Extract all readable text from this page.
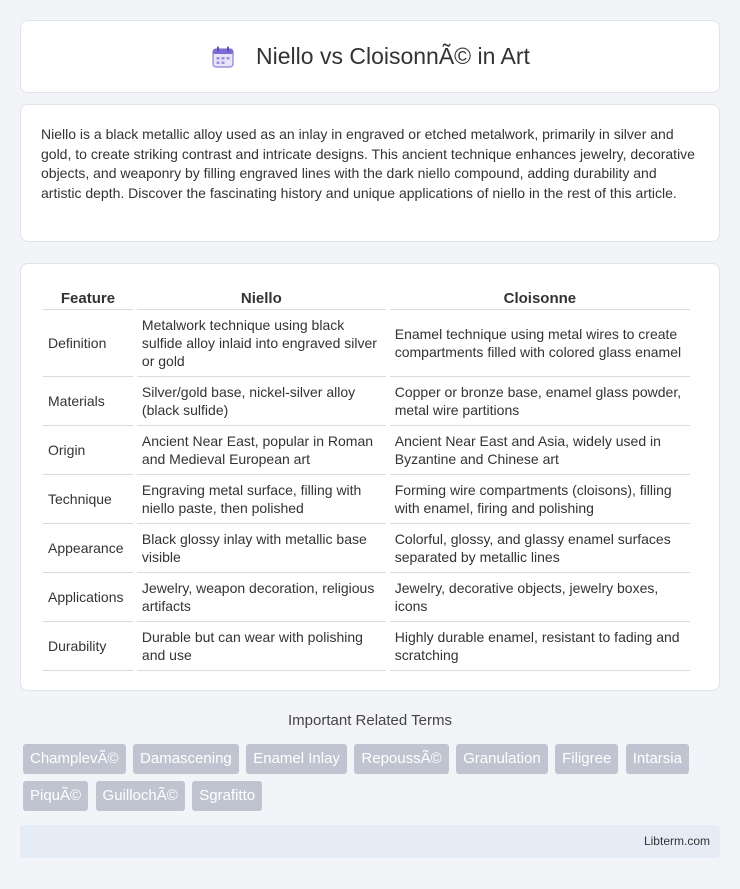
Niello vs CloisonnÃ© in Art

Niello is a black metallic alloy used as an inlay in engraved or etched metalwork, primarily in silver and gold, to create striking contrast and intricate designs. This ancient technique enhances jewelry, decorative objects, and weaponry by filling engraved lines with the dark niello compound, adding durability and artistic depth. Discover the fascinating history and unique applications of niello in the rest of this article.

Feature	Niello	Cloisonne
Definition	Metalwork technique using black sulfide alloy inlaid into engraved silver or gold	Enamel technique using metal wires to create compartments filled with colored glass enamel
Materials	Silver/gold base, nickel-silver alloy (black sulfide)	Copper or bronze base, enamel glass powder, metal wire partitions
Origin	Ancient Near East, popular in Roman and Medieval European art	Ancient Near East and Asia, widely used in Byzantine and Chinese art
Technique	Engraving metal surface, filling with niello paste, then polished	Forming wire compartments (cloisons), filling with enamel, firing and polishing
Appearance	Black glossy inlay with metallic base visible	Colorful, glossy, and glassy enamel surfaces separated by metallic lines
Applications	Jewelry, weapon decoration, religious artifacts	Jewelry, decorative objects, jewelry boxes, icons
Durability	Durable but can wear with polishing and use	Highly durable enamel, resistant to fading and scratching
Important Related Terms
ChamplevÃ© Damascening Enamel Inlay RepoussÃ© Granulation Filigree Intarsia PiquÃ© GuillochÃ© Sgrafitto
Libterm.com
